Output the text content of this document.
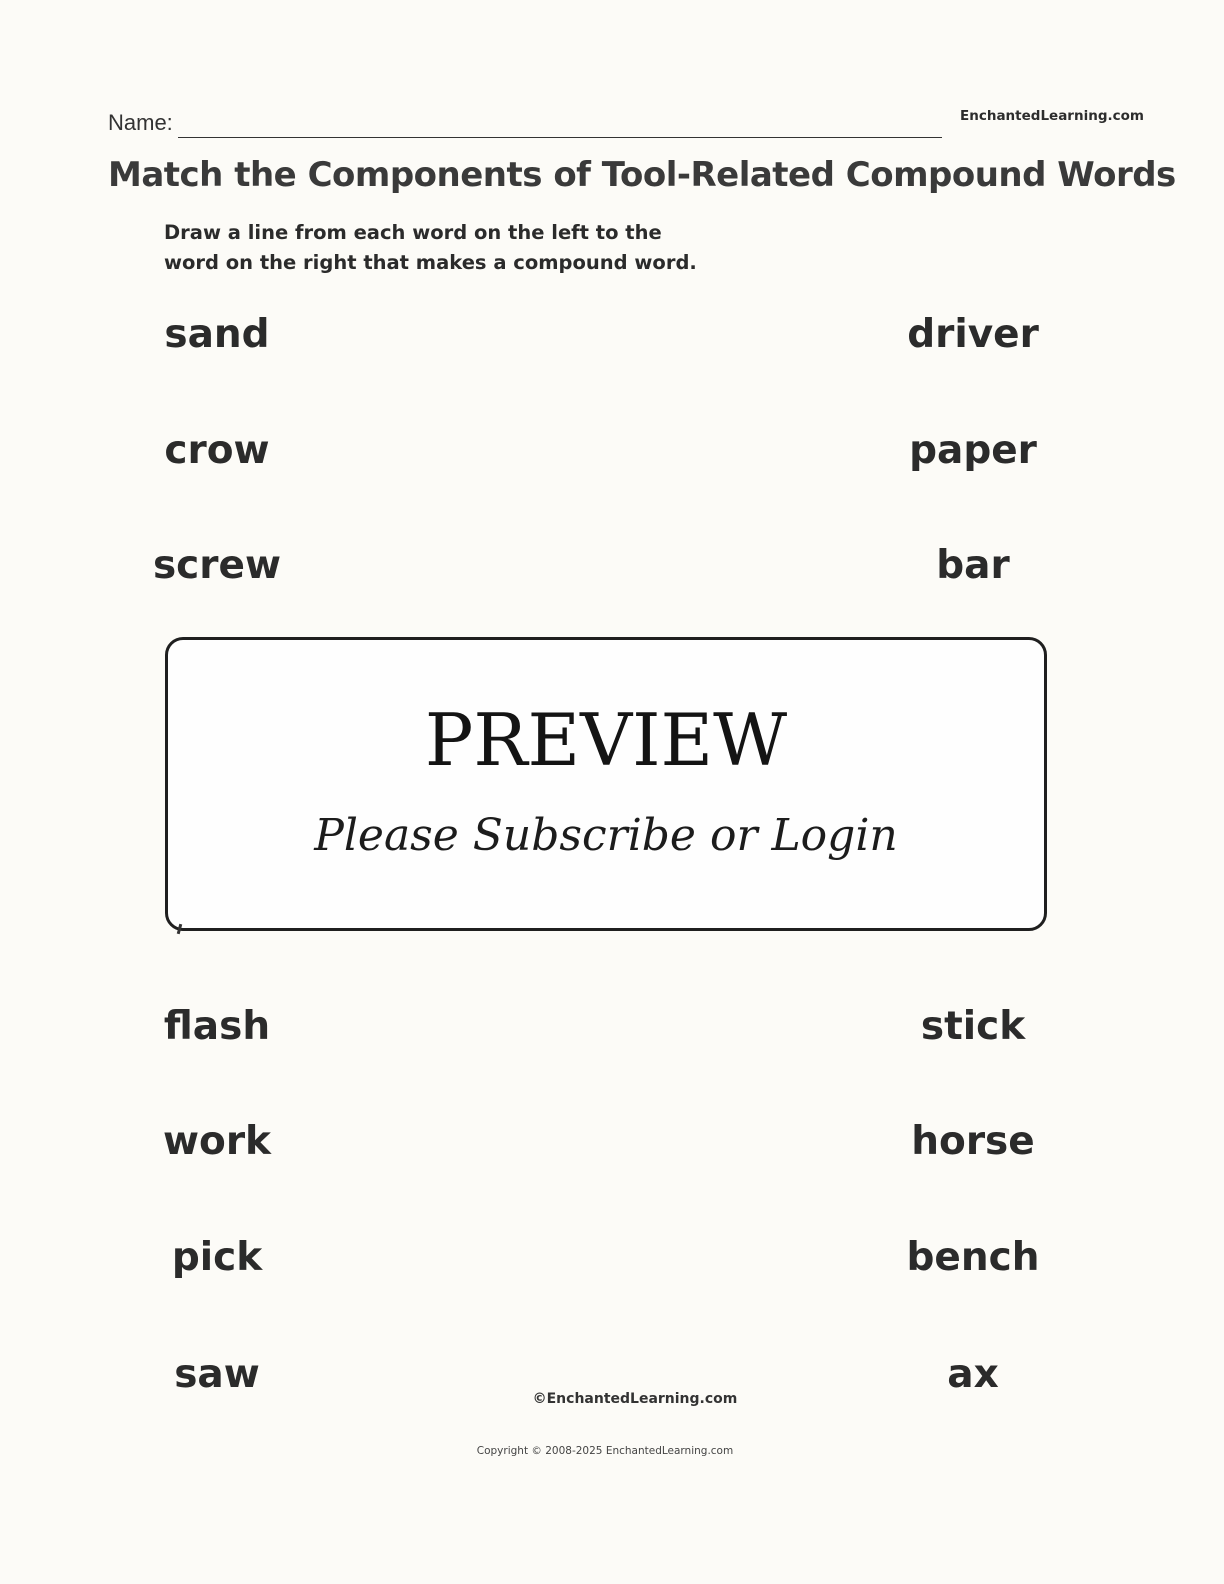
Name:	EnchantedLearning.com
Match the Components of Tool-Related Compound Words
Draw a line from each word on the left to the word on the right that makes a compound word.
sand
crow
screw
flash
work
pick
saw
driver
paper
bar
stick
horse
bench
ax
PREVIEW
Please Subscribe or Login
©EnchantedLearning.com
Copyright © 2008-2025 EnchantedLearning.com
